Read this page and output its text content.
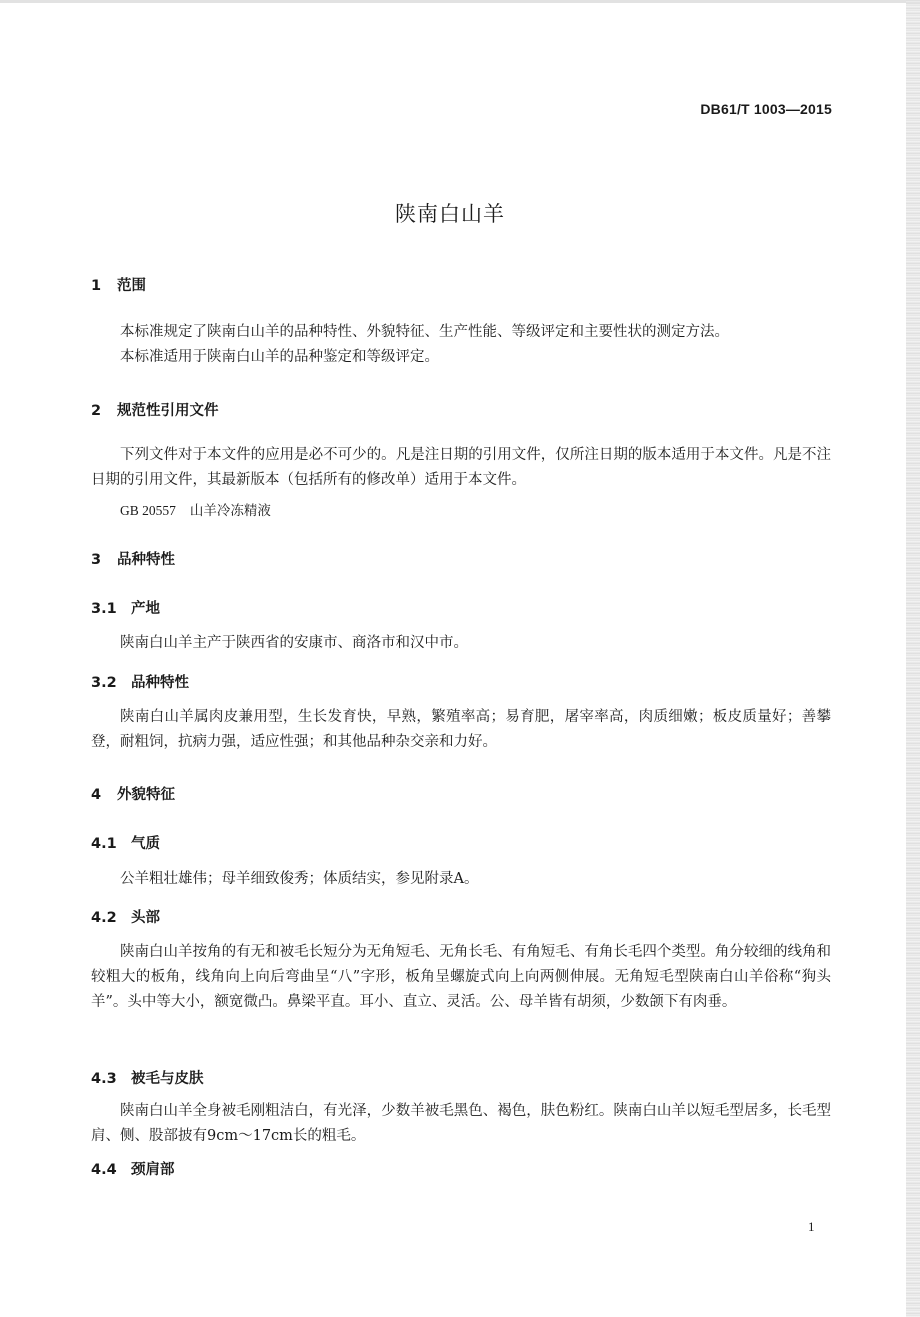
DB61/T 1003—2015
陕南白山羊
1 范围

本标准规定了陕南白山羊的品种特性、外貌特征、生产性能、等级评定和主要性状的测定方法。

本标准适用于陕南白山羊的品种鉴定和等级评定。

2 规范性引用文件

下列文件对于本文件的应用是必不可少的。凡是注日期的引用文件，仅所注日期的版本适用于本文件。凡是不注日期的引用文件，其最新版本（包括所有的修改单）适用于本文件。

GB 20557 山羊冷冻精液
3 品种特性
3.1 产地
陕南白山羊主产于陕西省的安康市、商洛市和汉中市。
3.2 品种特性

陕南白山羊属肉皮兼用型，生长发育快，早熟，繁殖率高；易育肥，屠宰率高，肉质细嫩；板皮质量好；善攀登，耐粗饲，抗病力强，适应性强；和其他品种杂交亲和力好。

4 外貌特征
4.1 气质
公羊粗壮雄伟；母羊细致俊秀；体质结实，参见附录A。
4.2 头部

陕南白山羊按角的有无和被毛长短分为无角短毛、无角长毛、有角短毛、有角长毛四个类型。角分较细的线角和较粗大的板角，线角向上向后弯曲呈“八”字形，板角呈螺旋式向上向两侧伸展。无角短毛型陕南白山羊俗称“狗头羊”。头中等大小，额宽微凸。鼻梁平直。耳小、直立、灵活。公、母羊皆有胡须，少数颌下有肉垂。

4.3 被毛与皮肤

陕南白山羊全身被毛刚粗洁白，有光泽，少数羊被毛黑色、褐色，肤色粉红。陕南白山羊以短毛型居多，长毛型肩、侧、股部披有9cm～17cm长的粗毛。

4.4 颈肩部
1
